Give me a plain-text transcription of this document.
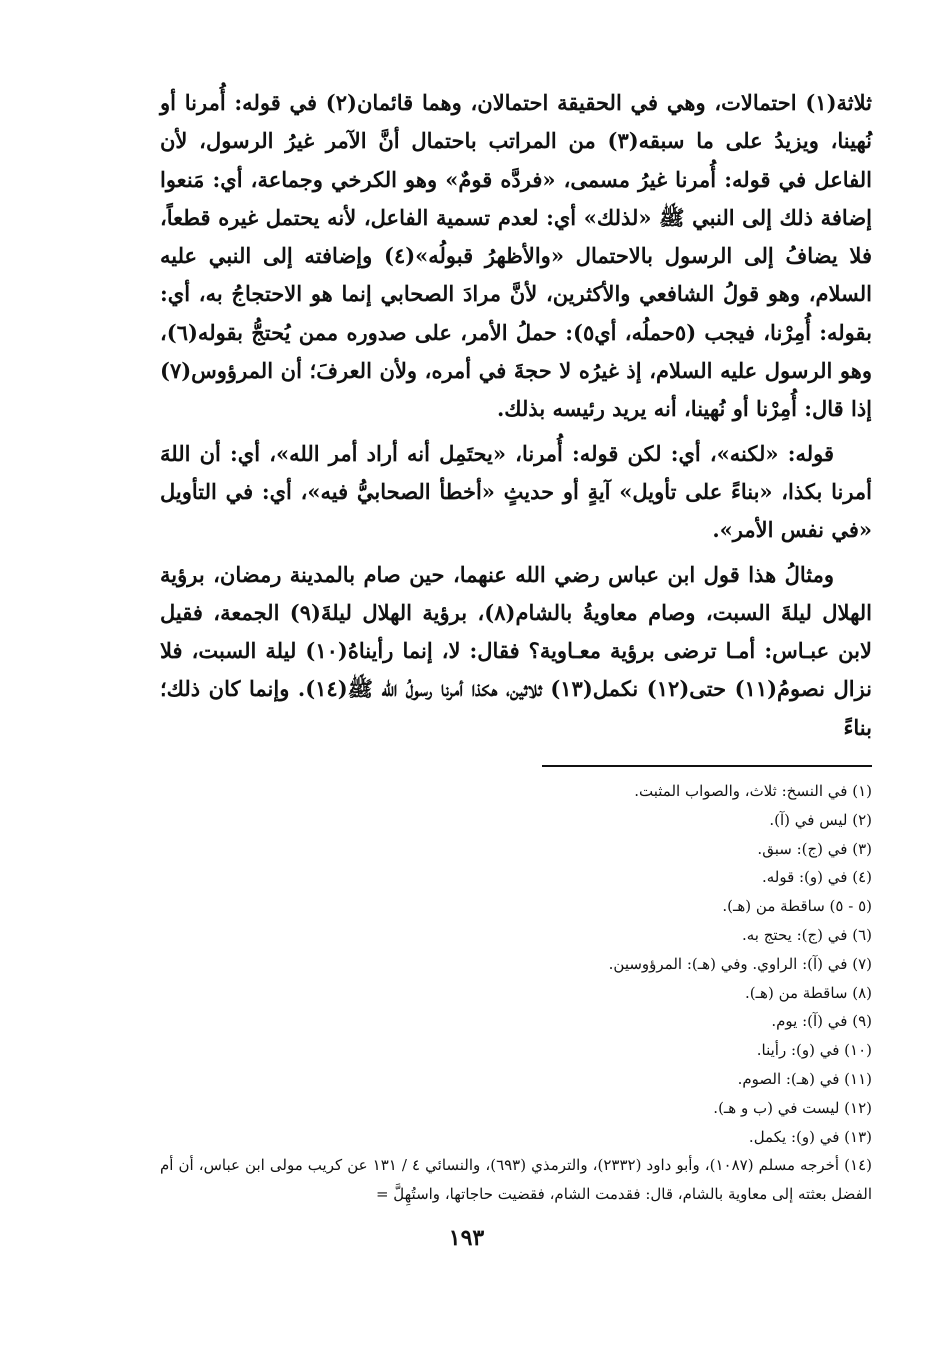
ثلاثة(١) احتمالات، وهي في الحقيقة احتمالان، وهما قائمان(٢) في قوله: أُمرنا أو نُهينا، ويزيدُ على ما سبقه(٣) من المراتب باحتمال أنَّ الآمر غيرُ الرسول، لأن الفاعل في قوله: أُمرنا غيرُ مسمى، «فردَّه قومٌ» وهو الكرخي وجماعة، أي: مَنعوا إضافة ذلك إلى النبي ﷺ «لذلك» أي: لعدم تسمية الفاعل، لأنه يحتمل غيره قطعاً، فلا يضافُ إلى الرسول بالاحتمال «والأظهرُ قبولُه»(٤) وإضافته إلى النبي عليه السلام، وهو قولُ الشافعي والأكثرين، لأنَّ مرادَ الصحابي إنما هو الاحتجاجُ به، أي: بقوله: أُمِرْنا، فيجب (٥حملُه، أي٥): حملُ الأمر، على صدوره ممن يُحتجُّ بقوله(٦)، وهو الرسول عليه السلام، إذ غيرُه لا حجةَ في أمره، ولأن العرفَ؛ أن المرؤوس(٧) إذا قال: أُمِرْنا أو نُهينا، أنه يريد رئيسه بذلك.

قوله: «لكنه»، أي: لكن قوله: أُمرنا، «يحتَمِل أنه أراد أمر الله»، أي: أن اللهَ أمرنا بكذا، «بناءً على تأويل» آيةٍ أو حديثٍ «أخطأ الصحابيُّ فيه»، أي: في التأويل «في نفس الأمر».

ومثالُ هذا قول ابن عباس رضي الله عنهما، حين صام بالمدينة رمضان، برؤية الهلال ليلةَ السبت، وصام معاويةُ بالشام(٨)، برؤية الهلال ليلةَ(٩) الجمعة، فقيل لابن عبـاس: أمـا ترضى برؤية معـاوية؟ فقال: لا، إنما رأيناهُ(١٠) ليلة السبت، فلا نزال نصومُ(١١) حتى(١٢) نكمل(١٣) ثلاثين، هكذا أمرنا رسولُ الله ﷺ(١٤). وإنما كان ذلك؛ بناءً

(١) في النسخ: ثلاث، والصواب المثبت.

(٢) ليس في (آ).

(٣) في (ج): سبق.

(٤) في (و): قوله.

(٥ - ٥) ساقطة من (هـ).

(٦) في (ج): يحتج به.

(٧) في (آ): الراوي. وفي (هـ): المرؤوسين.

(٨) ساقطة من (هـ).

(٩) في (آ): يوم.

(١٠) في (و): رأينا.

(١١) في (هـ): الصوم.

(١٢) ليست في (ب و هـ).

(١٣) في (و): يكمل.

(١٤) أخرجه مسلم (١٠٨٧)، وأبو داود (٢٣٣٢)، والترمذي (٦٩٣)، والنسائي ٤ / ١٣١ عن كريب مولى ابن عباس، أن أم الفضل بعثته إلى معاوية بالشام، قال: فقدمت الشام، فقضيت حاجاتها، واستُهِلَّ =

١٩٣
